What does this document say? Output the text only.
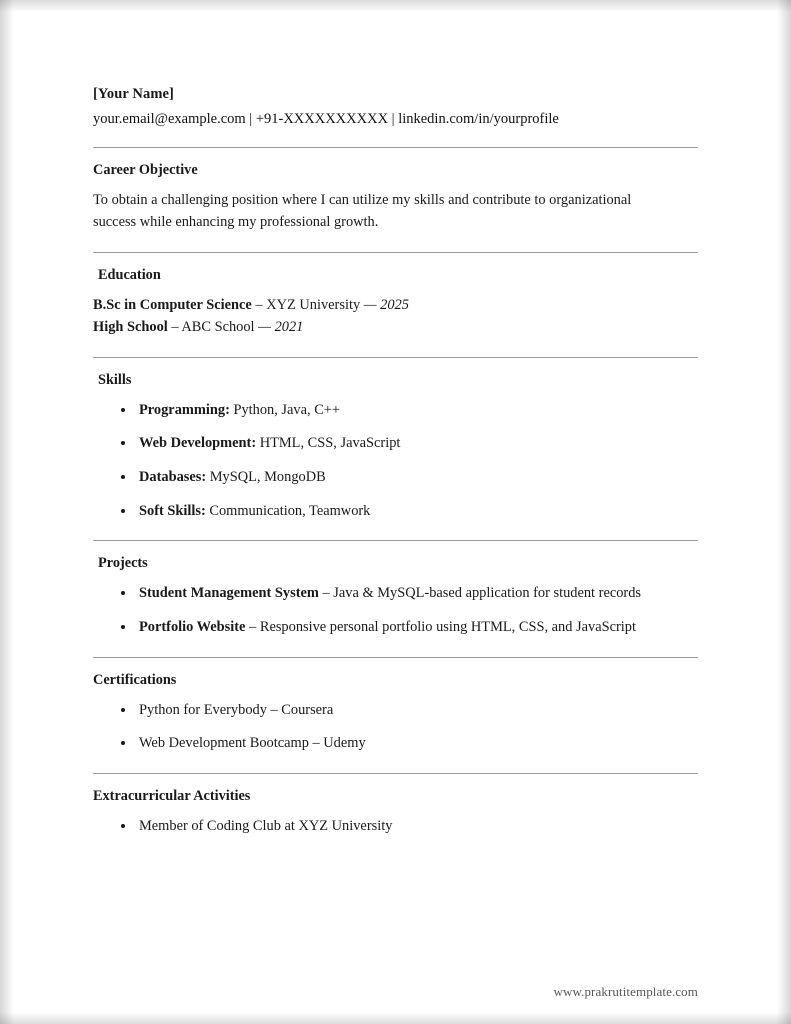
[Your Name]
your.email@example.com | +91-XXXXXXXXXX | linkedin.com/in/yourprofile
Career Objective

To obtain a challenging position where I can utilize my skills and contribute to organizational success while enhancing my professional growth.

Education

B.Sc in Computer Science – XYZ University — 2025

High School – ABC School — 2021

Skills
Programming: Python, Java, C++
Web Development: HTML, CSS, JavaScript
Databases: MySQL, MongoDB
Soft Skills: Communication, Teamwork
Projects
Student Management System – Java & MySQL-based application for student records
Portfolio Website – Responsive personal portfolio using HTML, CSS, and JavaScript
Certifications
Python for Everybody – Coursera
Web Development Bootcamp – Udemy
Extracurricular Activities
Member of Coding Club at XYZ University
www.prakrutitemplate.com
